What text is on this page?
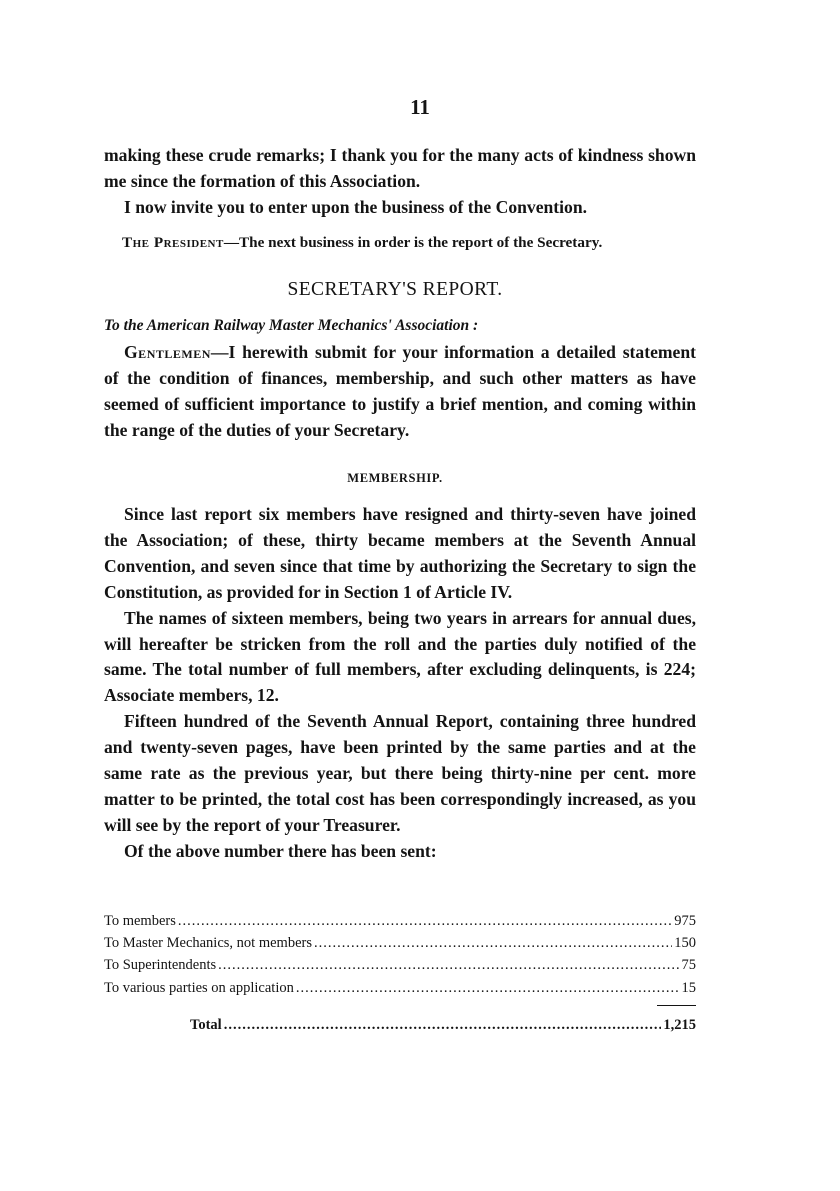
11

making these crude remarks; I thank you for the many acts of kindness shown me since the formation of this Association.

I now invite you to enter upon the business of the Convention.

The President—The next business in order is the report of the Secretary.
SECRETARY'S REPORT.
To the American Railway Master Mechanics' Association :

Gentlemen—I herewith submit for your information a detailed statement of the condition of finances, membership, and such other matters as have seemed of sufficient importance to justify a brief mention, and coming within the range of the duties of your Secretary.

MEMBERSHIP.

Since last report six members have resigned and thirty-seven have joined the Association; of these, thirty became members at the Seventh Annual Convention, and seven since that time by authorizing the Secretary to sign the Constitution, as provided for in Section 1 of Article IV.

The names of sixteen members, being two years in arrears for annual dues, will hereafter be stricken from the roll and the parties duly notified of the same. The total number of full members, after excluding delinquents, is 224; Associate members, 12.

Fifteen hundred of the Seventh Annual Report, containing three hundred and twenty-seven pages, have been printed by the same parties and at the same rate as the previous year, but there being thirty-nine per cent. more matter to be printed, the total cost has been correspondingly increased, as you will see by the report of your Treasurer.

Of the above number there has been sent:

To members .....	975
To Master Mechanics, not members .....	150
To Superintendents .....	75
To various parties on application .....	15
Total .....	1,215
